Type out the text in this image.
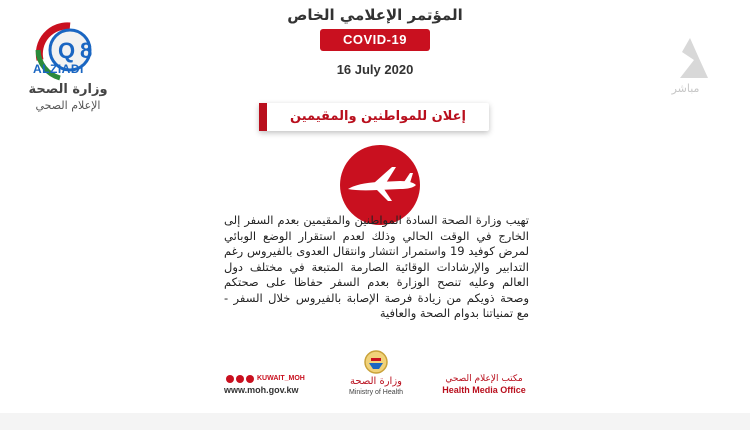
المؤتمر الإعلامي الخاص
COVID-19
16 July 2020
Q 8
ALZIADI
وزارة الصحة
الإعلام الصحي
مباشر
إعلان للمواطنين والمقيمين
تهيب وزارة الصحة السادة المواطنين والمقيمين بعدم السفر إلى الخارج في الوقت الحالي وذلك لعدم استقرار الوضع الوبائي لمرض كوفيد 19 واستمرار انتشار وانتقال العدوى بالفيروس رغم التدابير والإرشادات الوقائية الصارمة المتبعة في مختلف دول العالم وعليه تنصح الوزارة بعدم السفر حفاظا على صحتكم وصحة ذويكم من زيادة فرصة الإصابة بالفيروس خلال السفر - مع تمنياتنا بدوام الصحة والعافية
KUWAIT_MOH
www.moh.gov.kw
وزارة الصحة
Ministry of Health
مكتب الإعلام الصحي
Health Media Office
